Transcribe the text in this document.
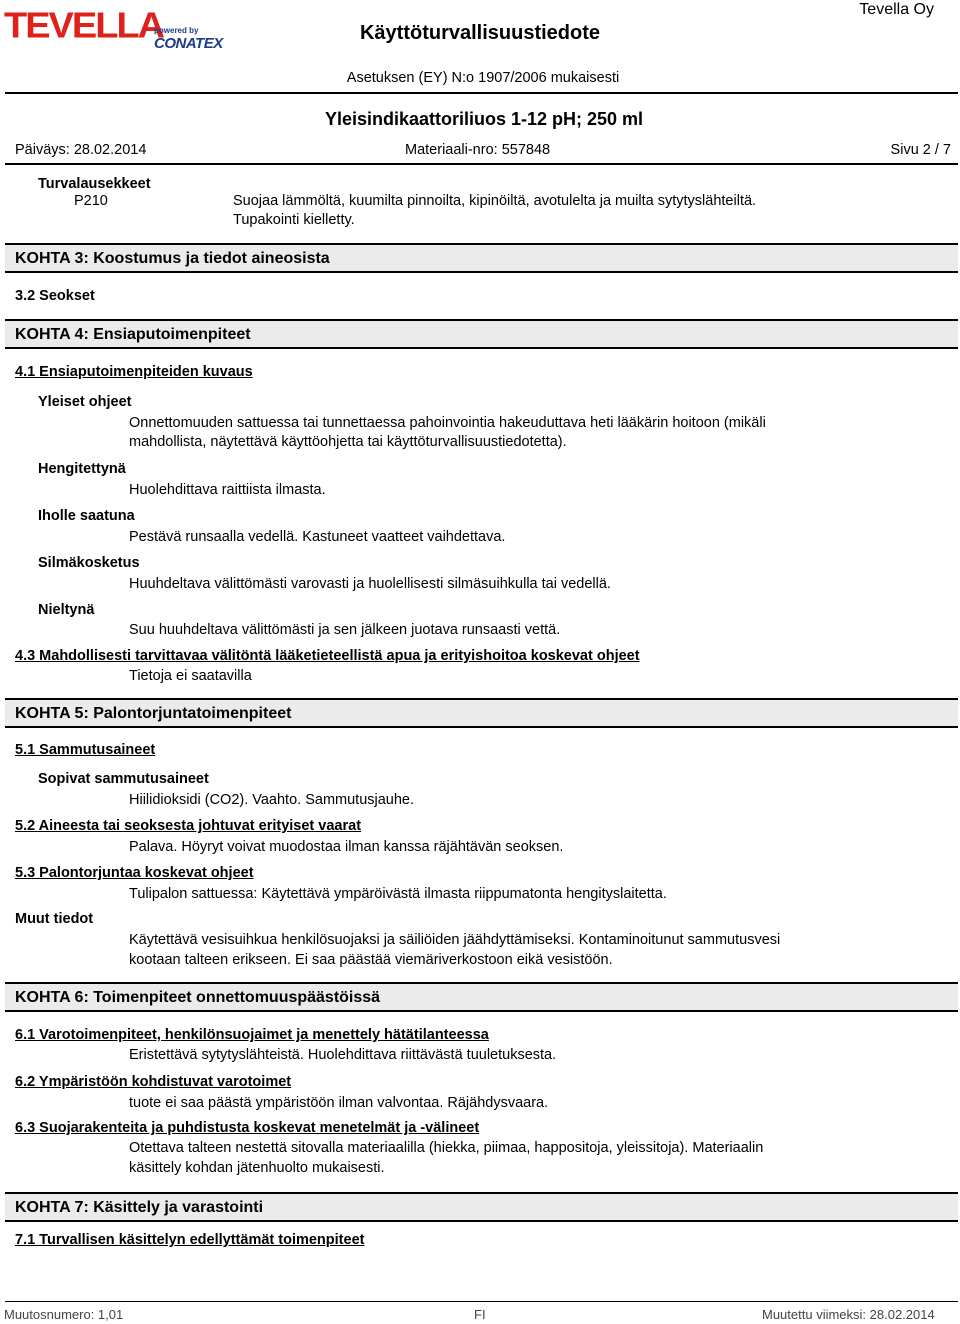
TEVELLA
powered by
CONATEX	Käyttöturvallisuustiedote
Tevella Oy
Asetuksen (EY) N:o 1907/2006 mukaisesti
Yleisindikaattoriliuos 1-12 pH; 250 ml
Päiväys: 28.02.2014	Materiaali-nro: 557848	Sivu 2 / 7
Turvalausekkeet
P210	Suojaa lämmöltä, kuumilta pinnoilta, kipinöiltä, avotulelta ja muilta sytytyslähteiltä.
Tupakointi kielletty.
KOHTA 3: Koostumus ja tiedot aineosista
3.2 Seokset
KOHTA 4: Ensiaputoimenpiteet
4.1 Ensiaputoimenpiteiden kuvaus
Yleiset ohjeet
Onnettomuuden sattuessa tai tunnettaessa pahoinvointia hakeuduttava heti lääkärin hoitoon (mikäli
mahdollista, näytettävä käyttöohjetta tai käyttöturvallisuustiedotetta).
Hengitettynä
Huolehdittava raittiista ilmasta.
Iholle saatuna
Pestävä runsaalla vedellä. Kastuneet vaatteet vaihdettava.
Silmäkosketus
Huuhdeltava välittömästi varovasti ja huolellisesti silmäsuihkulla tai vedellä.
Nieltynä
Suu huuhdeltava välittömästi ja sen jälkeen juotava runsaasti vettä.
4.3 Mahdollisesti tarvittavaa välitöntä lääketieteellistä apua ja erityishoitoa koskevat ohjeet
Tietoja ei saatavilla
KOHTA 5: Palontorjuntatoimenpiteet
5.1 Sammutusaineet
Sopivat sammutusaineet
Hiilidioksidi (CO2). Vaahto. Sammutusjauhe.
5.2 Aineesta tai seoksesta johtuvat erityiset vaarat
Palava. Höyryt voivat muodostaa ilman kanssa räjähtävän seoksen.
5.3 Palontorjuntaa koskevat ohjeet
Tulipalon sattuessa: Käytettävä ympäröivästä ilmasta riippumatonta hengityslaitetta.
Muut tiedot
Käytettävä vesisuihkua henkilösuojaksi ja säiliöiden jäähdyttämiseksi. Kontaminoitunut sammutusvesi
kootaan talteen erikseen. Ei saa päästää viemäriverkostoon eikä vesistöön.
KOHTA 6: Toimenpiteet onnettomuuspäästöissä
6.1 Varotoimenpiteet, henkilönsuojaimet ja menettely hätätilanteessa
Eristettävä sytytyslähteistä. Huolehdittava riittävästä tuuletuksesta.
6.2 Ympäristöön kohdistuvat varotoimet
tuote ei saa päästä ympäristöön ilman valvontaa. Räjähdysvaara.
6.3 Suojarakenteita ja puhdistusta koskevat menetelmät ja -välineet
Otettava talteen nestettä sitovalla materiaalilla (hiekka, piimaa, happositoja, yleissitoja). Materiaalin
käsittely kohdan jätenhuolto mukaisesti.
KOHTA 7: Käsittely ja varastointi
7.1 Turvallisen käsittelyn edellyttämät toimenpiteet
Muutosnumero: 1,01	FI	Muutettu viimeksi: 28.02.2014
